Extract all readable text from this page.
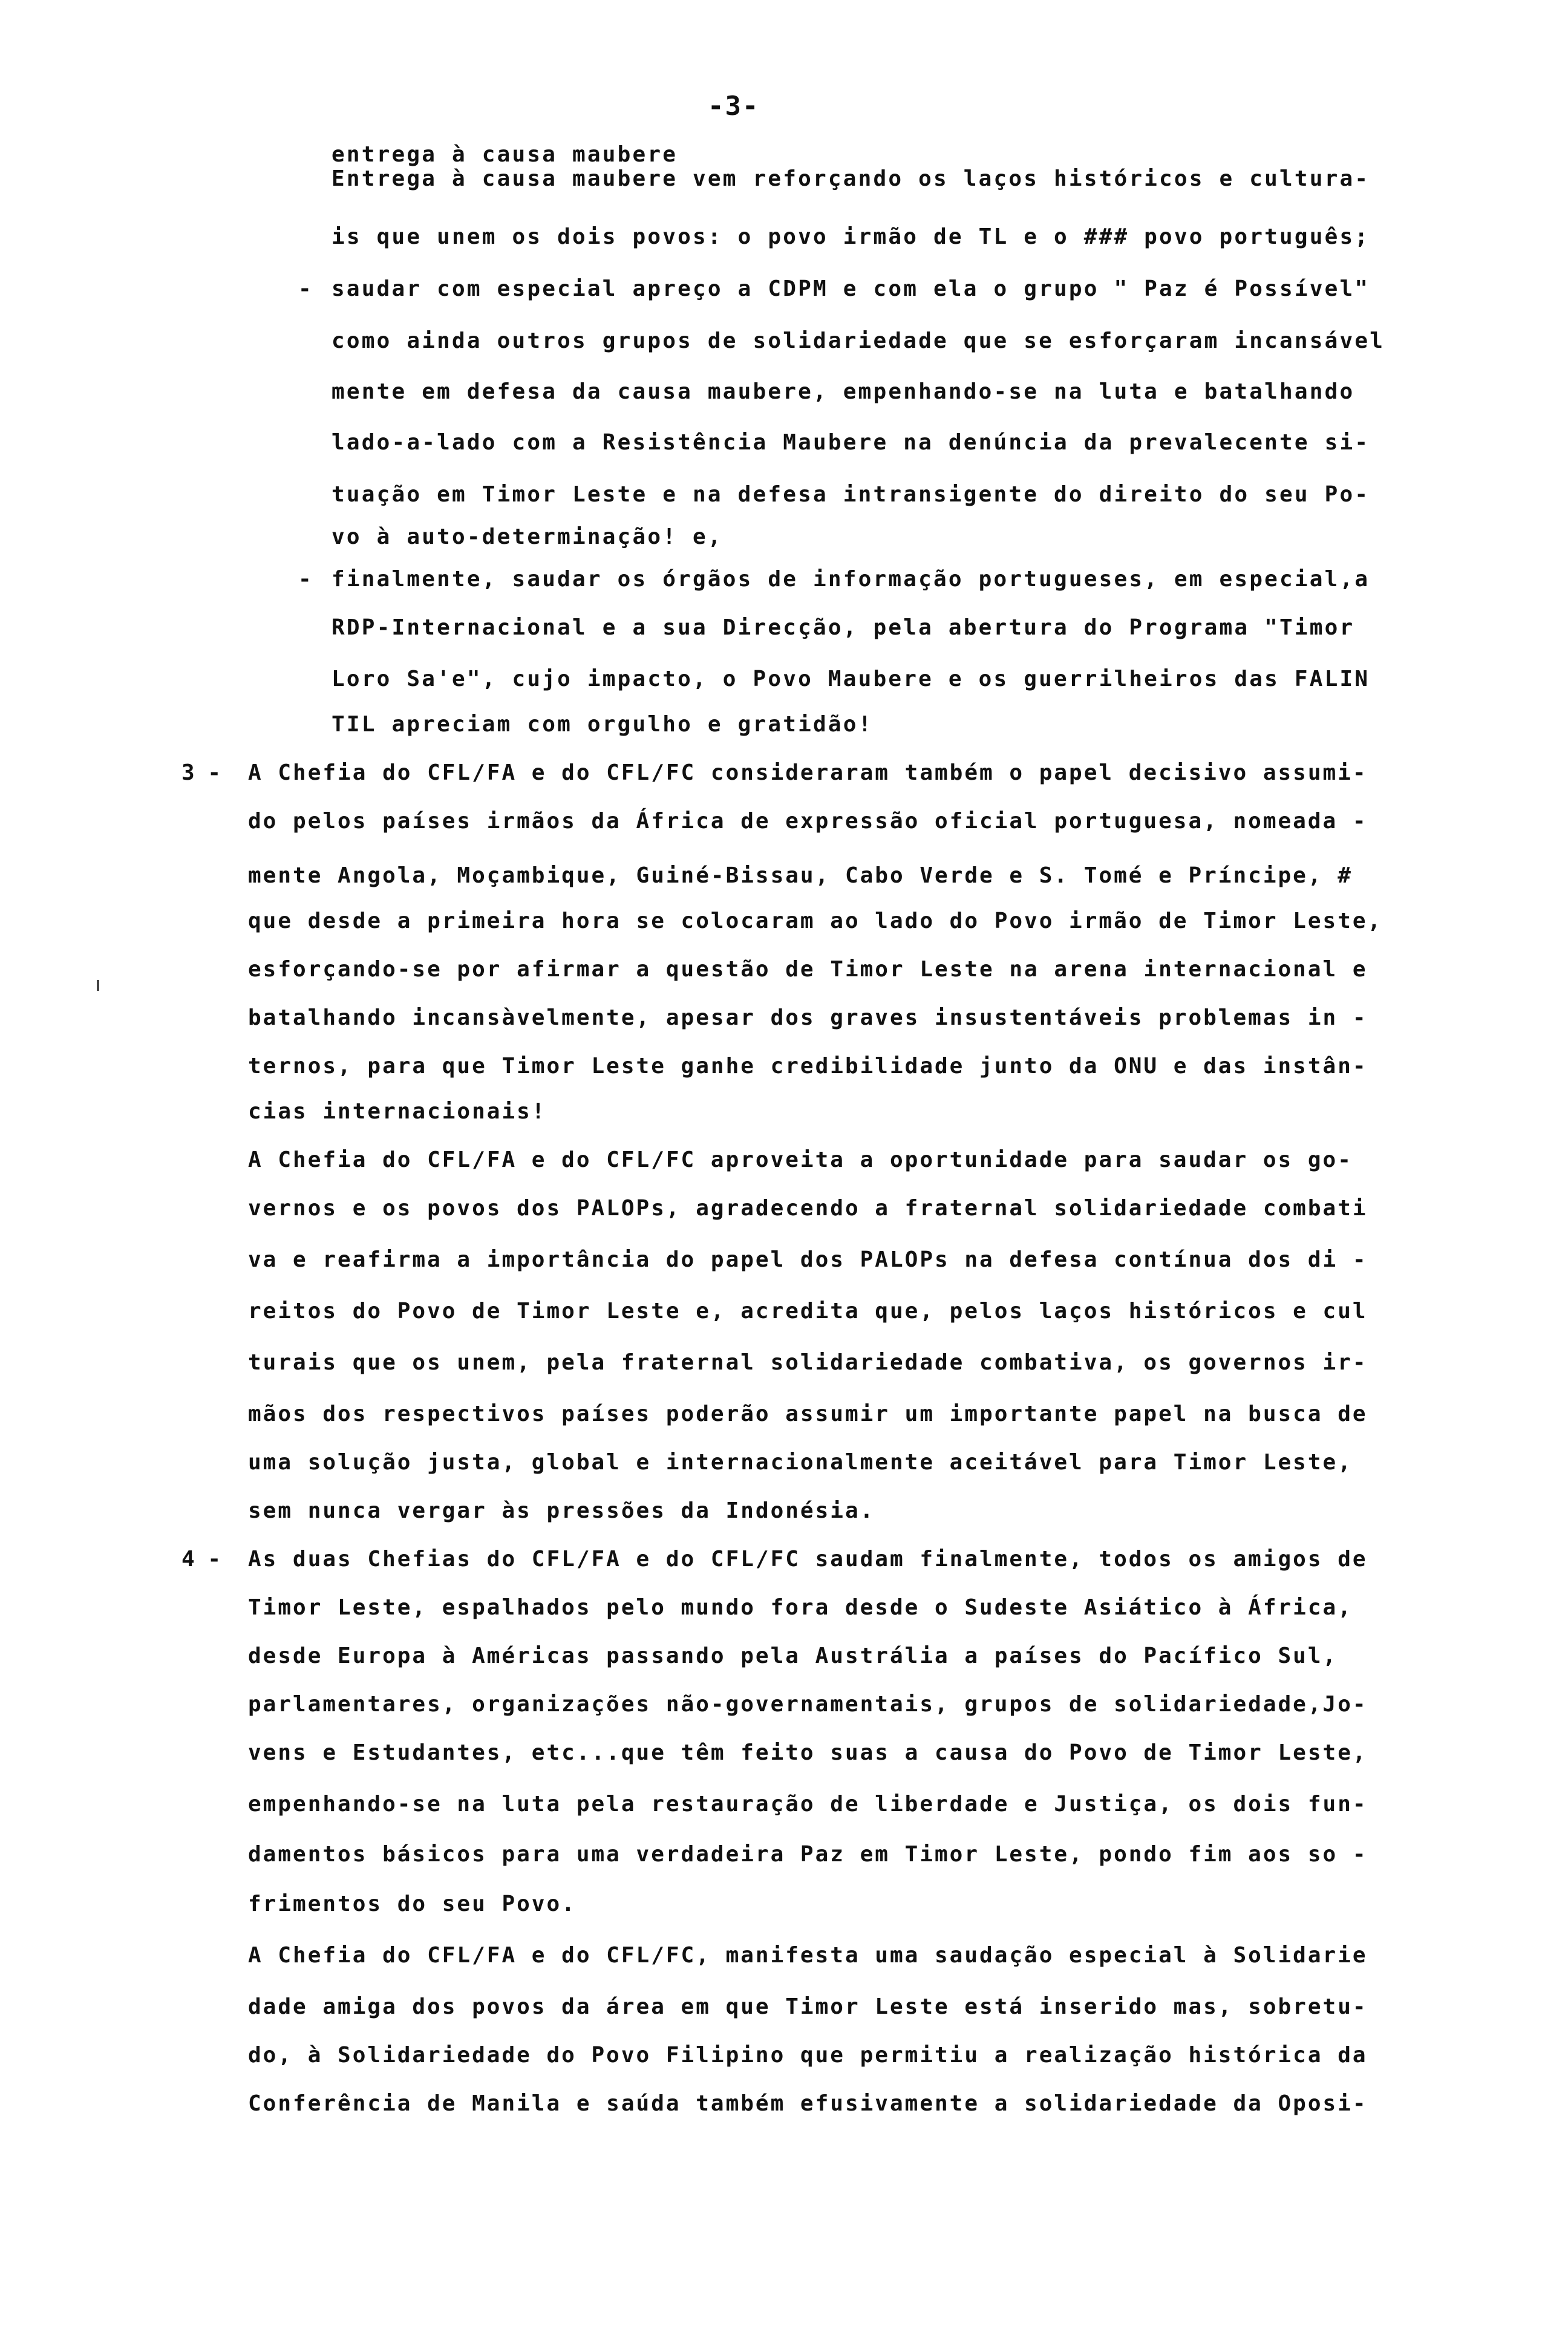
-3-
entrega à causa maubere
Entrega à causa maubere vem reforçando os laços históricos e cultura-
is que unem os dois povos: o povo irmão de TL e o ### povo português;
saudar com especial apreço a CDPM e com ela o grupo " Paz é Possível"
como ainda outros grupos de solidariedade que se esforçaram incansável
mente em defesa da causa maubere, empenhando-se na luta e batalhando
lado-a-lado com a Resistência Maubere na denúncia da prevalecente si-
tuação em Timor Leste e na defesa intransigente do direito do seu Po-
vo à auto-determinação! e,
finalmente, saudar os órgãos de informação portugueses, em especial,a
RDP-Internacional e a sua Direcção, pela abertura do Programa "Timor
Loro Sa'e", cujo impacto, o Povo Maubere e os guerrilheiros das FALIN
TIL apreciam com orgulho e gratidão!
A Chefia do CFL/FA e do CFL/FC consideraram também o papel decisivo assumi-
do pelos países irmãos da África de expressão oficial portuguesa, nomeada -
mente Angola, Moçambique, Guiné-Bissau, Cabo Verde e S. Tomé e Príncipe, #
que desde a primeira hora se colocaram ao lado do Povo irmão de Timor Leste,
esforçando-se por afirmar a questão de Timor Leste na arena internacional e
batalhando incansàvelmente, apesar dos graves insustentáveis problemas in -
ternos, para que Timor Leste ganhe credibilidade junto da ONU e das instân-
cias internacionais!
A Chefia do CFL/FA e do CFL/FC aproveita a oportunidade para saudar os go-
vernos e os povos dos PALOPs, agradecendo a fraternal solidariedade combati
va e reafirma a importância do papel dos PALOPs na defesa contínua dos di -
reitos do Povo de Timor Leste e, acredita que, pelos laços históricos e cul
turais que os unem, pela fraternal solidariedade combativa, os governos ir-
mãos dos respectivos países poderão assumir um importante papel na busca de
uma solução justa, global e internacionalmente aceitável para Timor Leste,
sem nunca vergar às pressões da Indonésia.
As duas Chefias do CFL/FA e do CFL/FC saudam finalmente, todos os amigos de
Timor Leste, espalhados pelo mundo fora desde o Sudeste Asiático à África,
desde Europa à Américas passando pela Austrália a países do Pacífico Sul,
parlamentares, organizações não-governamentais, grupos de solidariedade,Jo-
vens e Estudantes, etc...que têm feito suas a causa do Povo de Timor Leste,
empenhando-se na luta pela restauração de liberdade e Justiça, os dois fun-
damentos básicos para uma verdadeira Paz em Timor Leste, pondo fim aos so -
frimentos do seu Povo.
A Chefia do CFL/FA e do CFL/FC, manifesta uma saudação especial à Solidarie
dade amiga dos povos da área em que Timor Leste está inserido mas, sobretu-
do, à Solidariedade do Povo Filipino que permitiu a realização histórica da
Conferência de Manila e saúda também efusivamente a solidariedade da Oposi-
-
-
3 -
4 -
